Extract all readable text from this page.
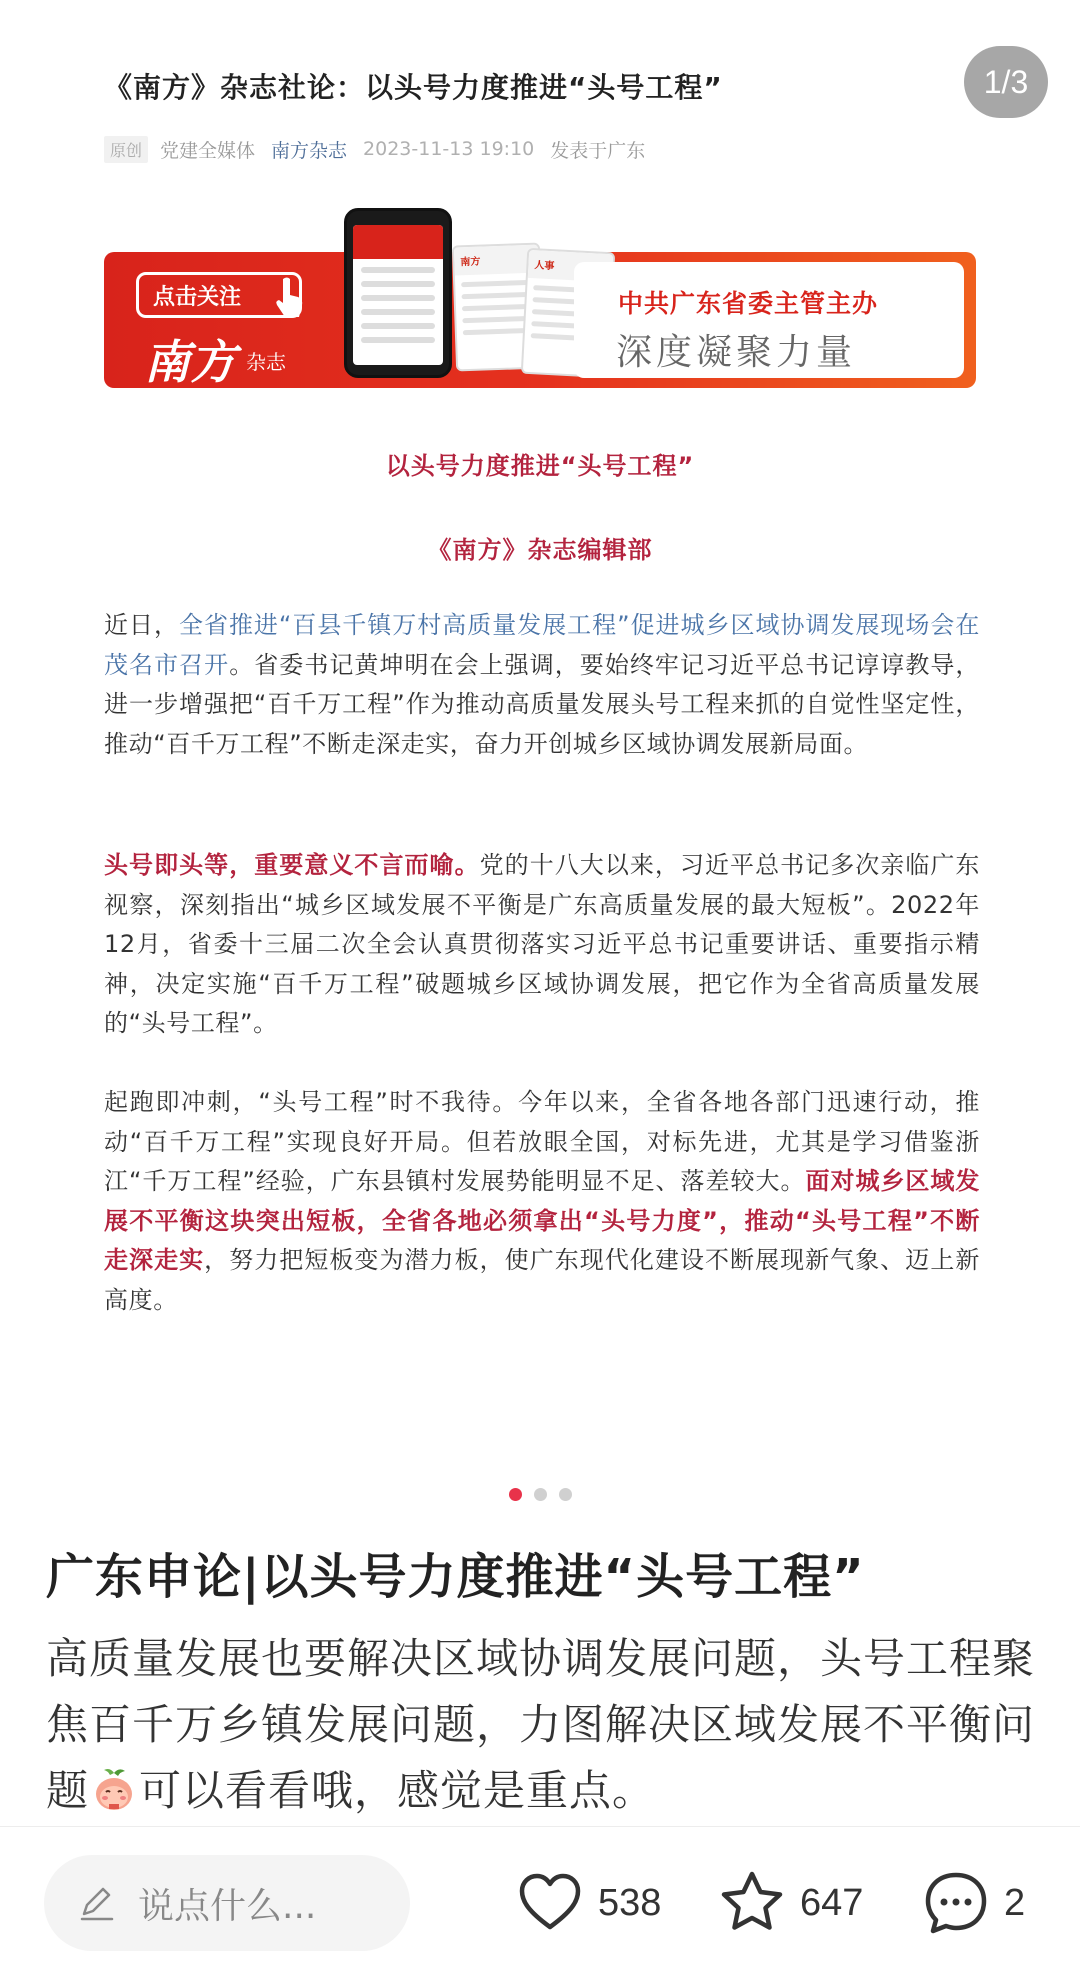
《南方》杂志社论：以头号力度推进“头号工程”
原创 党建全媒体 南方杂志 2023-11-13 19:10 发表于广东
点击关注
南方 杂志
南方	人事
中共广东省委主管主办
深度凝聚力量
以头号力度推进“头号工程”
《南方》杂志编辑部
近日，全省推进“百县千镇万村高质量发展工程”促进城乡区域协调发展现场会在茂名市召开。省委书记黄坤明在会上强调，要始终牢记习近平总书记谆谆教导，进一步增强把“百千万工程”作为推动高质量发展头号工程来抓的自觉性坚定性，推动“百千万工程”不断走深走实，奋力开创城乡区域协调发展新局面。
头号即头等，重要意义不言而喻。党的十八大以来，习近平总书记多次亲临广东视察，深刻指出“城乡区域发展不平衡是广东高质量发展的最大短板”。2022年12月，省委十三届二次全会认真贯彻落实习近平总书记重要讲话、重要指示精神，决定实施“百千万工程”破题城乡区域协调发展，把它作为全省高质量发展的“头号工程”。
起跑即冲刺，“头号工程”时不我待。今年以来，全省各地各部门迅速行动，推动“百千万工程”实现良好开局。但若放眼全国，对标先进，尤其是学习借鉴浙江“千万工程”经验，广东县镇村发展势能明显不足、落差较大。面对城乡区域发展不平衡这块突出短板，全省各地必须拿出“头号力度”，推动“头号工程”不断走深走实，努力把短板变为潜力板，使广东现代化建设不断展现新气象、迈上新高度。
1/3
广东申论|以头号力度推进“头号工程”
高质量发展也要解决区域协调发展问题，头号工程聚焦百千万乡镇发展问题，力图解决区域发展不平衡问题 可以看看哦，感觉是重点。
说点什么...	538	647	2
